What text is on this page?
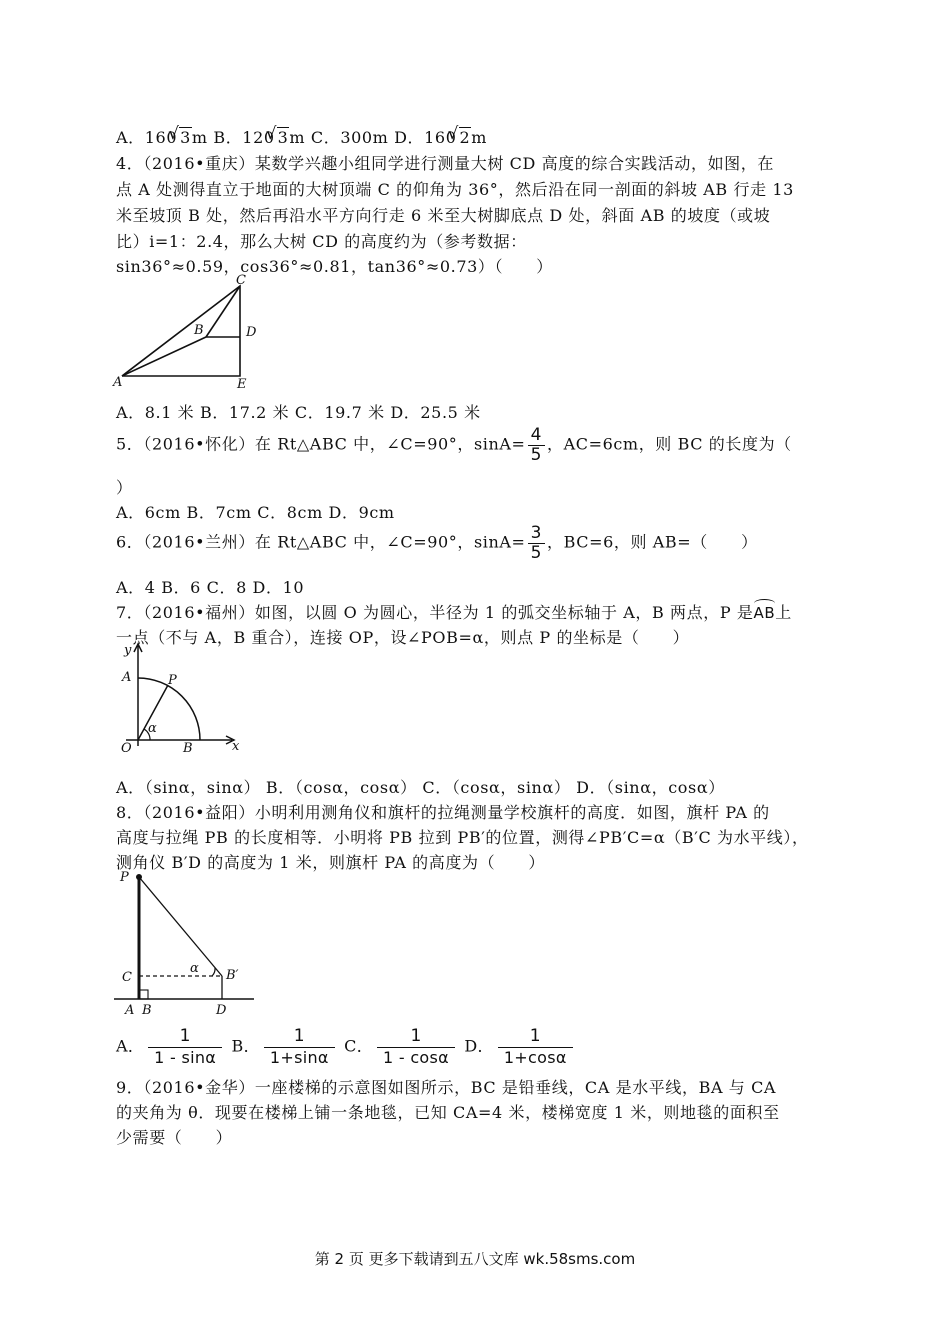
A．160 √ 3m B．120 √ 3m C．300m D．160 √ 2m
4．（2016•重庆）某数学兴趣小组同学进行测量大树 CD 高度的综合实践活动，如图，在
点 A 处测得直立于地面的大树顶端 C 的仰角为 36°，然后沿在同一剖面的斜坡 AB 行走 13
米至坡顶 B 处，然后再沿水平方向行走 6 米至大树脚底点 D 处，斜面 AB 的坡度（或坡
比）i=1：2.4，那么大树 CD 的高度约为（参考数据：
sin36°≈0.59，cos36°≈0.81，tan36°≈0.73）（　　）
C
B	D
A	E
A．8.1 米 B．17.2 米 C．19.7 米 D．25.5 米
5．（2016•怀化）在 Rt△ABC 中，∠C=90°，$\sin A= \frac{4}{5}$ ，AC=6cm，则 BC 的长度为（
）
A．6cm B．7cm C．8cm D．9cm
6．（2016•兰州）在 Rt△ABC 中，∠C=90°，$\sin A= \frac{3}{5}$ ，BC=6，则 AB=（　　）
A．4 B．6 C．8 D．10
7．（2016•福州）如图，以圆 O 为圆心，半径为 1 的弧交坐标轴于 A，B 两点，P 是AB上
一点（不与 A，B 重合），连接 OP，设∠POB=α，则点 P 的坐标是（　　）
y
x
A	P
O	B
α
A．（sinα，sinα） B．（cosα，cosα） C．（cosα，sinα） D．（sinα，cosα）
8．（2016•益阳）小明利用测角仪和旗杆的拉绳测量学校旗杆的高度．如图，旗杆 PA 的
高度与拉绳 PB 的长度相等．小明将 PB 拉到 PB′的位置，测得∠PB′C=α（B′C 为水平线），
测角仪 B′D 的高度为 1 米，则旗杆 PA 的高度为（　　）
P
C
α B′
A B	D
A． $\frac{1}{1 - \sin\alpha}$ B． $\frac{1}{1+\sin\alpha}$ C． $\frac{1}{1 - \cos\alpha}$ D． $\frac{1}{1+\cos\alpha}$
9．（2016•金华）一座楼梯的示意图如图所示，BC 是铅垂线，CA 是水平线，BA 与 CA
的夹角为 θ．现要在楼梯上铺一条地毯，已知 CA=4 米，楼梯宽度 1 米，则地毯的面积至
少需要（　　）
第 2 页 更多下载请到五八文库 wk.58sms.com
